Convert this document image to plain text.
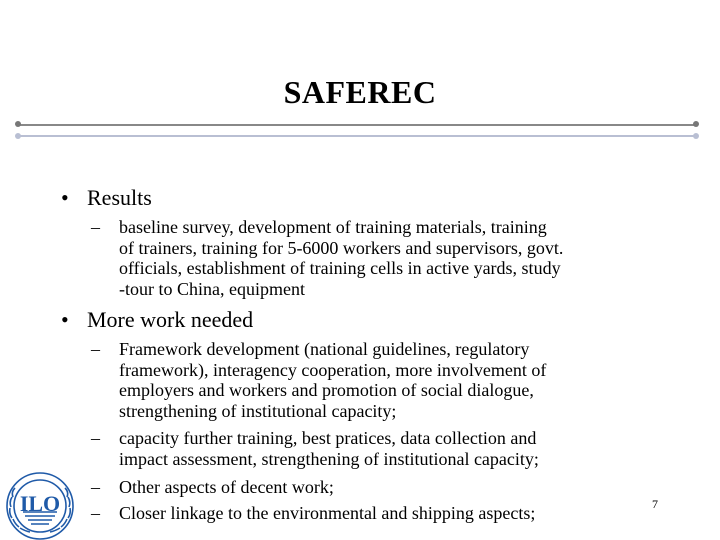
SAFEREC
• Results
– baseline survey, development of training materials, training
of trainers, training for 5-6000 workers and supervisors, govt.
officials, establishment of training cells in active yards, study
-tour to China, equipment
• More work needed
– Framework development (national guidelines, regulatory
framework), interagency cooperation, more involvement of
employers and workers and promotion of social dialogue,
strengthening of institutional capacity;
– capacity further training, best pratices, data collection and
impact assessment, strengthening of institutional capacity;
– Other aspects of decent work;
– Closer linkage to the environmental and shipping aspects;	7
ILO
